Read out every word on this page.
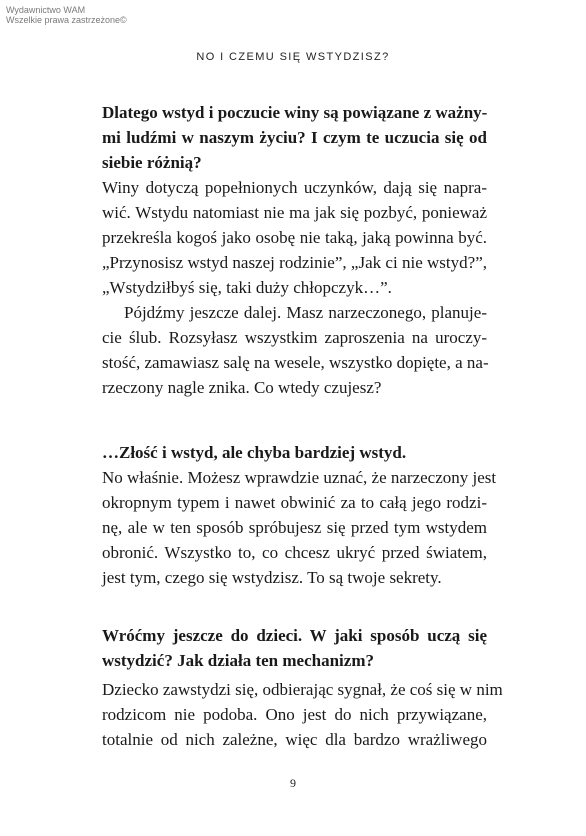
Wydawnictwo WAM
Wszelkie prawa zastrzeżone©
NO I CZEMU SIĘ WSTYDZISZ?
Dlatego wstyd i poczucie winy są powiązane z ważny-
mi ludźmi w naszym życiu? I czym te uczucia się od
siebie różnią?
Winy dotyczą popełnionych uczynków, dają się napra-
wić. Wstydu natomiast nie ma jak się pozbyć, ponieważ
przekreśla kogoś jako osobę nie taką, jaką powinna być.
„Przynosisz wstyd naszej rodzinie”, „Jak ci nie wstyd?”,
„Wstydziłbyś się, taki duży chłopczyk…”.
Pójdźmy jeszcze dalej. Masz narzeczonego, planuje-
cie ślub. Rozsyłasz wszystkim zaproszenia na uroczy-
stość, zamawiasz salę na wesele, wszystko dopięte, a na-
rzeczony nagle znika. Co wtedy czujesz?
…Złość i wstyd, ale chyba bardziej wstyd.
No właśnie. Możesz wprawdzie uznać, że narzeczony jest
okropnym typem i nawet obwinić za to całą jego rodzi-
nę, ale w ten sposób spróbujesz się przed tym wstydem
obronić. Wszystko to, co chcesz ukryć przed światem,
jest tym, czego się wstydzisz. To są twoje sekrety.
Wróćmy jeszcze do dzieci. W jaki sposób uczą się
wstydzić? Jak działa ten mechanizm?
Dziecko zawstydzi się, odbierając sygnał, że coś się w nim
rodzicom nie podoba. Ono jest do nich przywiązane,
totalnie od nich zależne, więc dla bardzo wrażliwego
9
